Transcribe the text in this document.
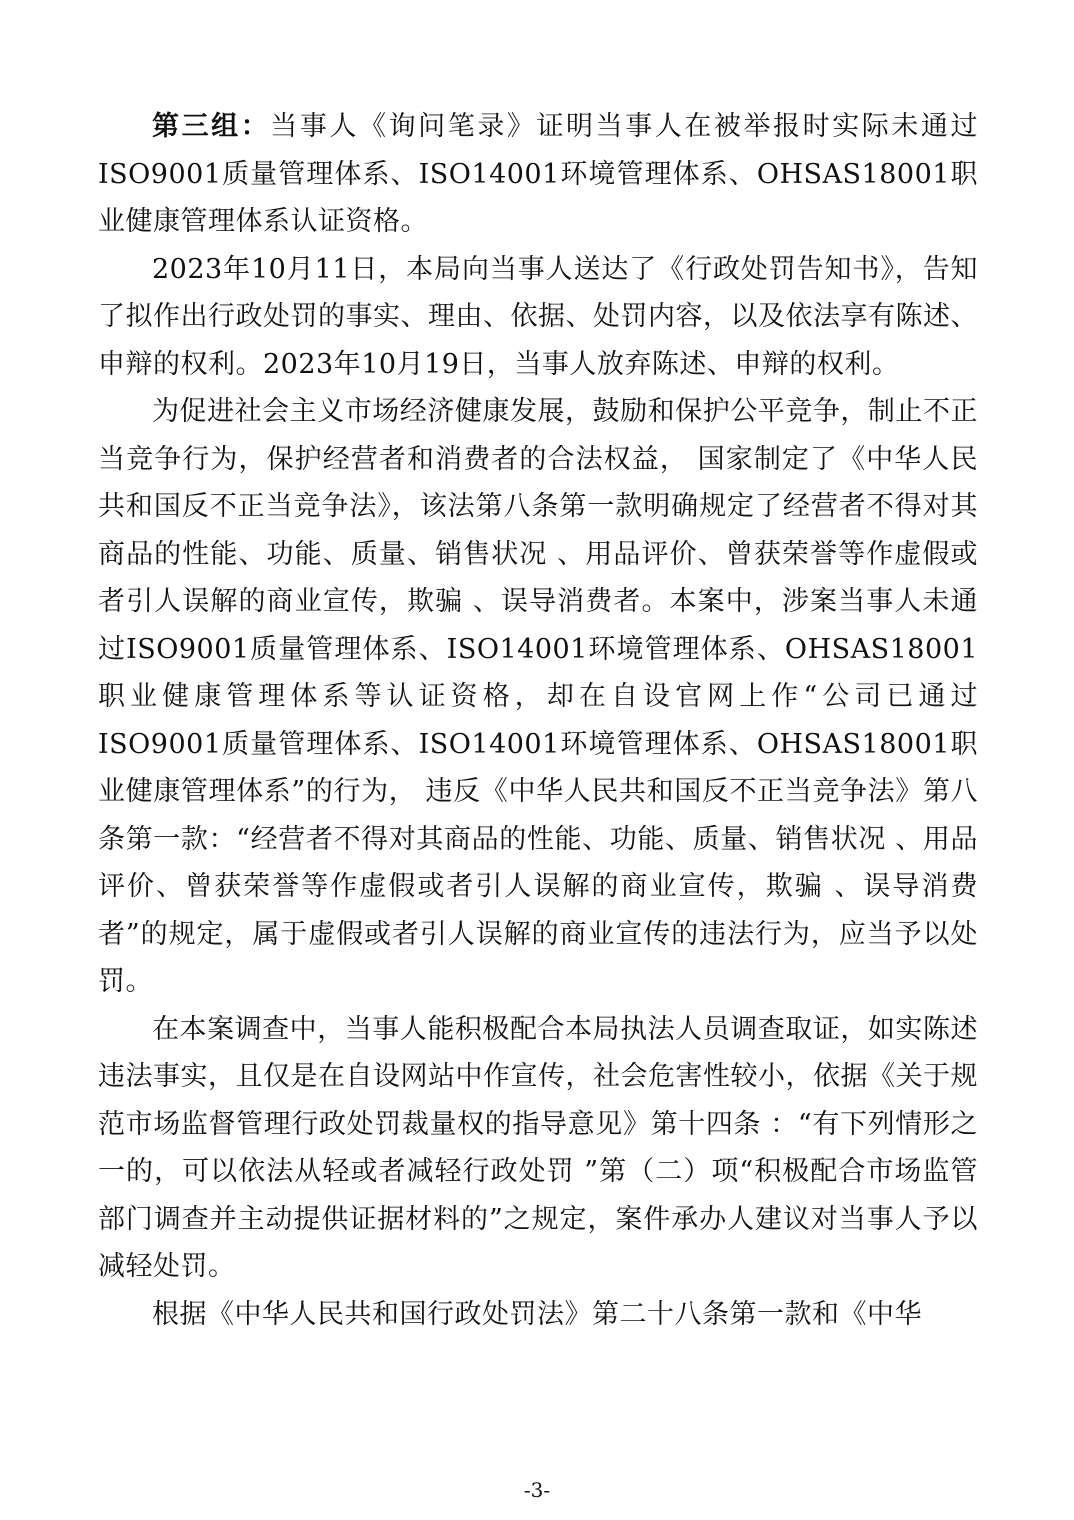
第三组：当事人《询问笔录》证明当事人在被举报时实际未通过ISO9001质量管理体系、ISO14001环境管理体系、OHSAS18001职业健康管理体系认证资格。

2023年10月11日，本局向当事人送达了《行政处罚告知书》，告知了拟作出行政处罚的事实、理由、依据、处罚内容，以及依法享有陈述、申辩的权利。2023年10月19日，当事人放弃陈述、申辩的权利。

为促进社会主义市场经济健康发展，鼓励和保护公平竞争，制止不正当竞争行为，保护经营者和消费者的合法权益， 国家制定了《中华人民共和国反不正当竞争法》，该法第八条第一款明确规定了经营者不得对其商品的性能、功能、质量、销售状况 、用品评价、曾获荣誉等作虚假或者引人误解的商业宣传，欺骗 、误导消费者。本案中，涉案当事人未通过ISO9001质量管理体系、ISO14001环境管理体系、OHSAS18001职业健康管理体系等认证资格，却在自设官网上作“公司已通过ISO9001质量管理体系、ISO14001环境管理体系、OHSAS18001职业健康管理体系”的行为， 违反《中华人民共和国反不正当竞争法》第八条第一款：“经营者不得对其商品的性能、功能、质量、销售状况 、用品评价、曾获荣誉等作虚假或者引人误解的商业宣传，欺骗 、误导消费者”的规定，属于虚假或者引人误解的商业宣传的违法行为，应当予以处罚。

在本案调查中，当事人能积极配合本局执法人员调查取证，如实陈述违法事实，且仅是在自设网站中作宣传，社会危害性较小，依据《关于规范市场监督管理行政处罚裁量权的指导意见》第十四条 ：“有下列情形之一的，可以依法从轻或者减轻行政处罚 ”第（二）项“积极配合市场监管部门调查并主动提供证据材料的”之规定，案件承办人建议对当事人予以减轻处罚。

根据《中华人民共和国行政处罚法》第二十八条第一款和《中华

-3-
